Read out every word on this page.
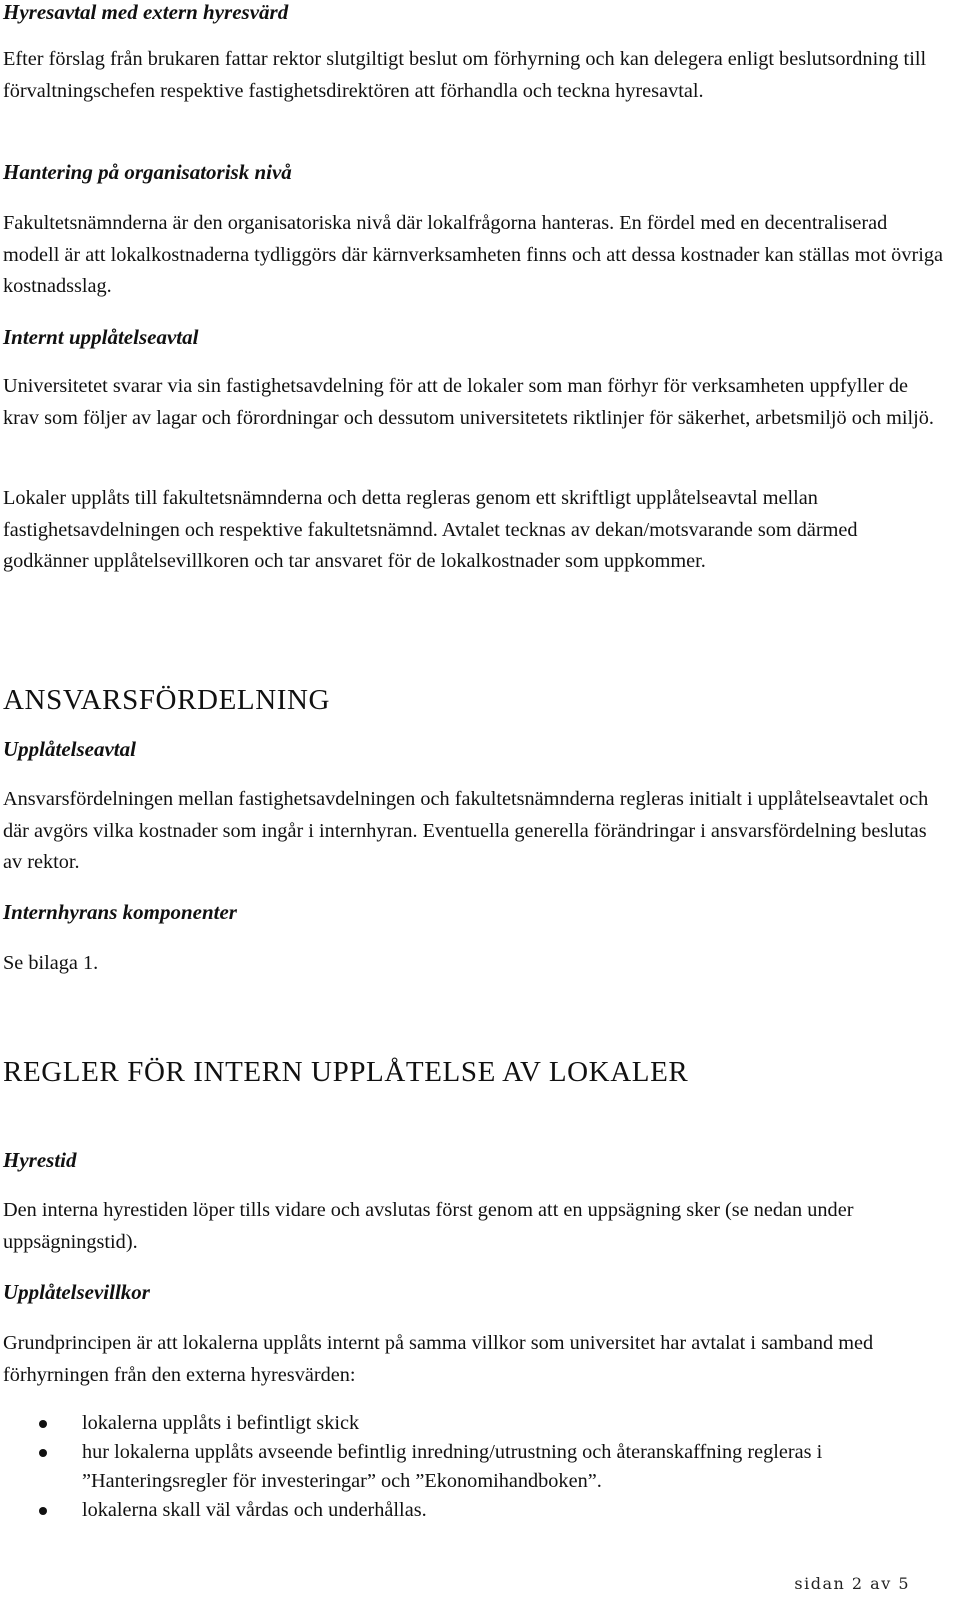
Hyresavtal med extern hyresvärd

Efter förslag från brukaren fattar rektor slutgiltigt beslut om förhyrning och kan delegera enligt beslutsordning till förvaltningschefen respektive fastighetsdirektören att förhandla och teckna hyresavtal.

Hantering på organisatorisk nivå

Fakultetsnämnderna är den organisatoriska nivå där lokalfrågorna hanteras. En fördel med en decentraliserad modell är att lokalkostnaderna tydliggörs där kärnverksamheten finns och att dessa kostnader kan ställas mot övriga kostnadsslag.

Internt upplåtelseavtal

Universitetet svarar via sin fastighetsavdelning för att de lokaler som man förhyr för verksamheten uppfyller de krav som följer av lagar och förordningar och dessutom universitetets riktlinjer för säkerhet, arbetsmiljö och miljö.

Lokaler upplåts till fakultetsnämnderna och detta regleras genom ett skriftligt upplåtelseavtal mellan fastighetsavdelningen och respektive fakultetsnämnd. Avtalet tecknas av dekan/motsvarande som därmed godkänner upplåtelsevillkoren och tar ansvaret för de lokalkostnader som uppkommer.

ANSVARSFÖRDELNING
Upplåtelseavtal

Ansvarsfördelningen mellan fastighetsavdelningen och fakultetsnämnderna regleras initialt i upplåtelseavtalet och där avgörs vilka kostnader som ingår i internhyran. Eventuella generella förändringar i ansvarsfördelning beslutas av rektor.

Internhyrans komponenter

Se bilaga 1.

REGLER FÖR INTERN UPPLÅTELSE AV LOKALER
Hyrestid

Den interna hyrestiden löper tills vidare och avslutas först genom att en uppsägning sker (se nedan under uppsägningstid).

Upplåtelsevillkor

Grundprincipen är att lokalerna upplåts internt på samma villkor som universitet har avtalat i samband med förhyrningen från den externa hyresvärden:

lokalerna upplåts i befintligt skick
hur lokalerna upplåts avseende befintlig inredning/utrustning och återanskaffning regleras i ”Hanteringsregler för investeringar” och ”Ekonomihandboken”.
lokalerna skall väl vårdas och underhållas.
sidan 2 av 5
